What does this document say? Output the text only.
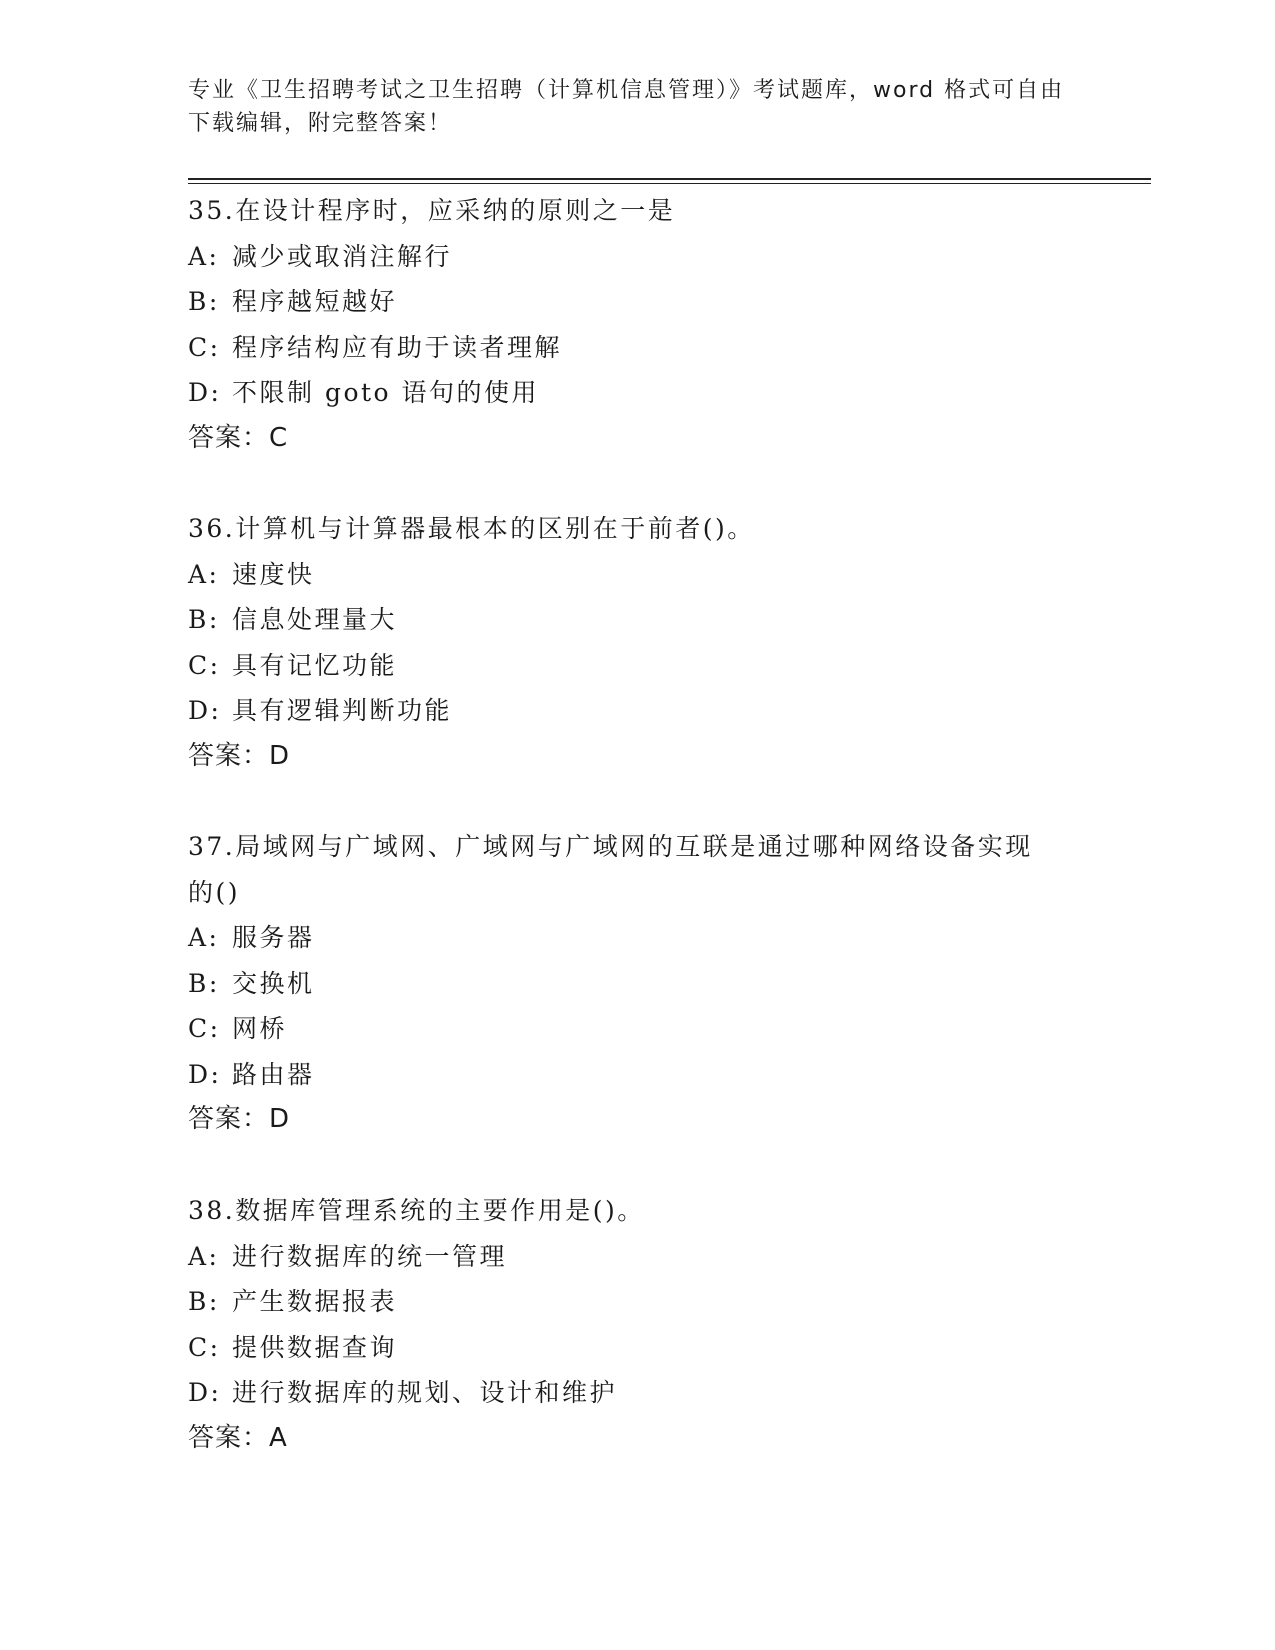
专业《卫生招聘考试之卫生招聘（计算机信息管理）》考试题库，word 格式可自由下载编辑，附完整答案！
35.在设计程序时，应采纳的原则之一是
A: 减少或取消注解行
B: 程序越短越好
C: 程序结构应有助于读者理解
D: 不限制 goto 语句的使用
答案：C
36.计算机与计算器最根本的区别在于前者()。
A: 速度快
B: 信息处理量大
C: 具有记忆功能
D: 具有逻辑判断功能
答案：D
37.局域网与广域网、广域网与广域网的互联是通过哪种网络设备实现的()
A: 服务器
B: 交换机
C: 网桥
D: 路由器
答案：D
38.数据库管理系统的主要作用是()。
A: 进行数据库的统一管理
B: 产生数据报表
C: 提供数据查询
D: 进行数据库的规划、设计和维护
答案：A
